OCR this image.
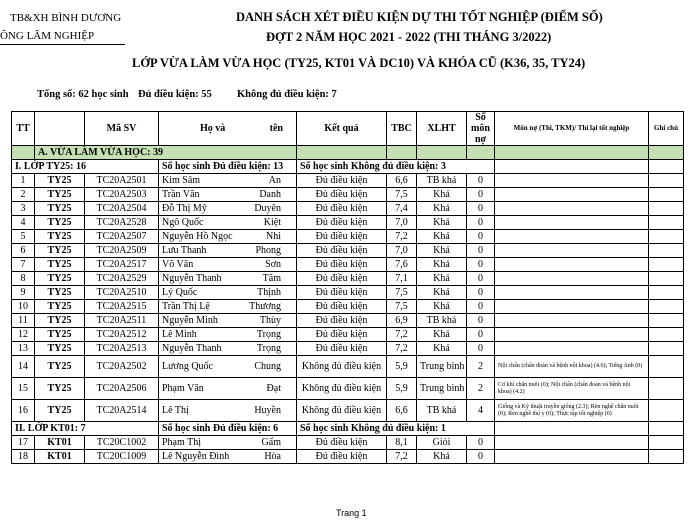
TB&XH BÌNH DƯƠNG
ÔNG LÂM NGHIỆP
DANH SÁCH XÉT ĐIỀU KIỆN DỰ THI TỐT NGHIỆP (ĐIỂM SỐ)
ĐỢT 2 NĂM HỌC 2021 - 2022 (THI THÁNG 3/2022)
LỚP VỪA LÀM VỪA HỌC (TY25, KT01 VÀ DC10) VÀ KHÓA CŨ (K36, 35, TY24)
Tổng số: 62 học sinh Đủ điều kiện: 55 Không đủ điều kiện: 7
TT		Mã SV	Họ và tên	Kết quả	TBC	XLHT	Số môn nợ	Môn nợ (Thi, TKM)/ Thi lại tốt nghiệp	Ghi chú
	A. VỪA LÀM VỪA HỌC: 39								
I. LỚP TY25: 16			Số học sinh Đủ điều kiện: 13	Số học sinh Không đủ điều kiện: 3					
1	TY25	TC20A2501	Kim Sâm An	Đủ điều kiện	6,6	TB khá	0		
2	TY25	TC20A2503	Trần Văn Danh	Đủ điều kiện	7,5	Khá	0		
3	TY25	TC20A2504	Đỗ Thị Mỹ Duyên	Đủ điều kiện	7,4	Khá	0		
4	TY25	TC20A2528	Ngô Quốc Kiệt	Đủ điều kiện	7,0	Khá	0		
5	TY25	TC20A2507	Nguyễn Hồ Ngọc Nhi	Đủ điều kiện	7,2	Khá	0		
6	TY25	TC20A2509	Lưu Thanh Phong	Đủ điều kiện	7,0	Khá	0		
7	TY25	TC20A2517	Võ Văn Sơn	Đủ điều kiện	7,6	Khá	0		
8	TY25	TC20A2529	Nguyễn Thanh Tâm	Đủ điều kiện	7,1	Khá	0		
9	TY25	TC20A2510	Lý Quốc Thịnh	Đủ điều kiện	7,5	Khá	0		
10	TY25	TC20A2515	Trần Thị Lệ Thương	Đủ điều kiện	7,5	Khá	0		
11	TY25	TC20A2511	Nguyễn Minh Thùy	Đủ điều kiện	6,9	TB khá	0		
12	TY25	TC20A2512	Lê Minh Trọng	Đủ điều kiện	7,2	Khá	0		
13	TY25	TC20A2513	Nguyễn Thanh Trọng	Đủ điều kiện	7,2	Khá	0		
14	TY25	TC20A2502	Lương Quốc Chung	Không đủ điều kiện	5,9	Trung bình	2	Nội chẩn (chẩn đoán và bệnh nội khoa) (4.6); Tiếng Anh (0)	
15	TY25	TC20A2506	Phạm Văn Đạt	Không đủ điều kiện	5,9	Trung bình	2	Cơ khí chăn nuôi (0); Nội chẩn (chẩn đoán và bệnh nội khoa) (4.2)	
16	TY25	TC20A2514	Lê Thị Huyền	Không đủ điều kiện	6,6	TB khá	4	Giống và Kỹ thuật truyền giống (2.3); Rèn nghề chăn nuôi (0); Rèn nghề thú y (0); Thực tập tốt nghiệp (0)	
II. LỚP KT01: 7			Số học sinh Đủ điều kiện: 6	Số học sinh Không đủ điều kiện: 1					
17	KT01	TC20C1002	Phạm Thị Gấm	Đủ điều kiện	8,1	Giỏi	0		
18	KT01	TC20C1009	Lê Nguyễn Đình Hòa	Đủ điều kiện	7,2	Khá	0		
Trang 1
